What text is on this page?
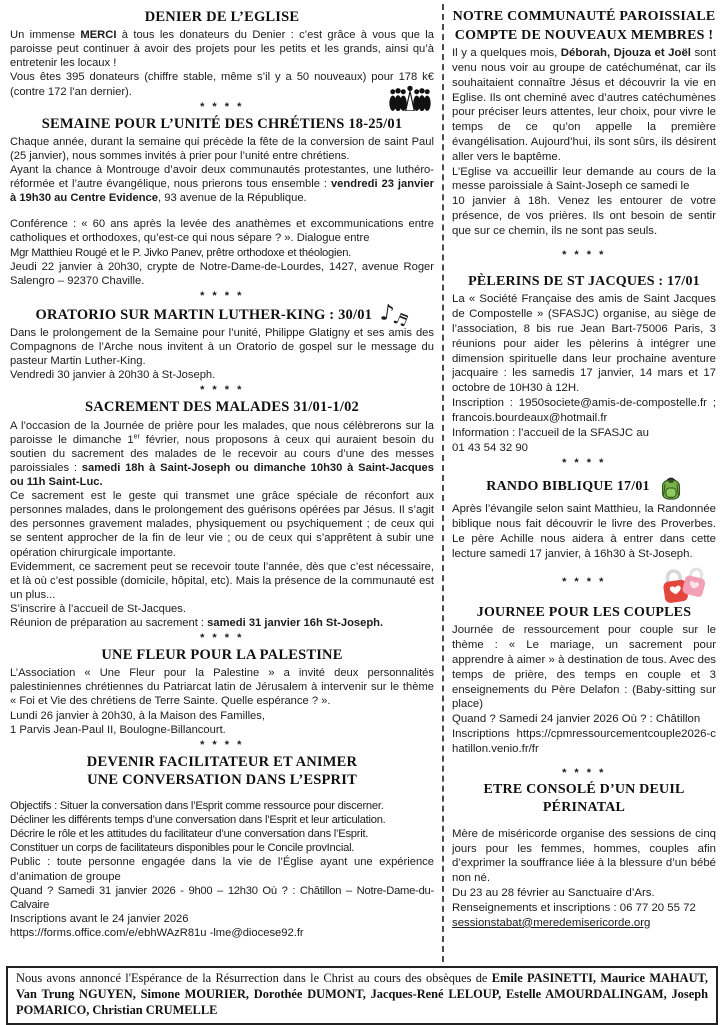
DENIER DE L’EGLISE

Un immense MERCI à tous les donateurs du Denier : c’est grâce à vous que la paroisse peut continuer à avoir des projets pour les petits et les grands, ainsi qu’à entretenir les locaux !

Vous êtes 395 donateurs (chiffre stable, même s’il y a 50 nouveaux) pour 178 k€ (contre 172 l’an dernier).

* * * *
SEMAINE POUR L’UNITÉ DES CHRÉTIENS 18-25/01

Chaque année, durant la semaine qui précède la fête de la conversion de saint Paul (25 janvier), nous sommes invités à prier pour l’unité entre chrétiens.

Ayant la chance à Montrouge d’avoir deux communautés protestantes, une luthéro-réformée et l’autre évangélique, nous prierons tous ensemble : vendredi 23 janvier à 19h30 au Centre Evidence, 93 avenue de la République.

Conférence : « 60 ans après la levée des anathèmes et excommunications entre catholiques et orthodoxes, qu’est-ce qui nous sépare ? ». Dialogue entre

Mgr Matthieu Rougé et le P. Jivko Panev, prêtre orthodoxe et théologien.

Jeudi 22 janvier à 20h30, crypte de Notre-Dame-de-Lourdes, 1427, avenue Roger Salengro – 92370 Chaville.

* * * *
ORATORIO SUR MARTIN LUTHER-KING : 30/01 ♪♬

Dans le prolongement de la Semaine pour l’unité, Philippe Glatigny et ses amis des Compagnons de l’Arche nous invitent à un Oratorio de gospel sur le message du pasteur Martin Luther-King.

Vendredi 30 janvier à 20h30 à St-Joseph.

* * * *
SACREMENT DES MALADES 31/01-1/02

A l’occasion de la Journée de prière pour les malades, que nous célèbrerons sur la paroisse le dimanche 1er février, nous proposons à ceux qui auraient besoin du soutien du sacrement des malades de le recevoir au cours d’une des messes paroissiales : samedi 18h à Saint-Joseph ou dimanche 10h30 à Saint-Jacques ou 11h Saint-Luc.

Ce sacrement est le geste qui transmet une grâce spéciale de réconfort aux personnes malades, dans le prolongement des guérisons opérées par Jésus. Il s’agit des personnes gravement malades, physiquement ou psychiquement ; de ceux qui se sentent approcher de la fin de leur vie ; ou de ceux qui s’apprêtent à subir une opération chirurgicale importante.

Evidemment, ce sacrement peut se recevoir toute l’année, dès que c’est nécessaire, et là où c’est possible (domicile, hôpital, etc). Mais la présence de la communauté est un plus...

S’inscrire à l’accueil de St-Jacques.

Réunion de préparation au sacrement : samedi 31 janvier 16h St-Joseph.

* * * *
UNE FLEUR POUR LA PALESTINE

L’Association « Une Fleur pour la Palestine » a invité deux personnalités palestiniennes chrétiennes du Patriarcat latin de Jérusalem à intervenir sur le thème « Foi et Vie des chrétiens de Terre Sainte. Quelle espérance ? ».

Lundi 26 janvier à 20h30, à la Maison des Familles,

1 Parvis Jean-Paul II, Boulogne-Billancourt.

* * * *
DEVENIR FACILITATEUR ET ANIMER
UNE CONVERSATION DANS L’ESPRIT

Objectifs : Situer la conversation dans l’Esprit comme ressource pour discerner.

Décliner les différents temps d’une conversation dans l’Esprit et leur articulation.

Décrire le rôle et les attitudes du facilitateur d’une conversation dans l’Esprit.

Constituer un corps de facilitateurs disponibles pour le Concile provIncial.

Public : toute personne engagée dans la vie de l’Église ayant une expérience d’animation de groupe

Quand ? Samedi 31 janvier 2026 - 9h00 – 12h30 Où ? : Châtillon – Notre-Dame-du-Calvaire

Inscriptions avant le 24 janvier 2026

https://forms.office.com/e/ebhWAzR81u -lme@diocese92.fr

NOTRE COMMUNAUTÉ PAROISSIALE
COMPTE DE NOUVEAUX MEMBRES !

Il y a quelques mois, Déborah, Djouza et Joël sont venu nous voir au groupe de catéchuménat, car ils souhaitaient connaître Jésus et découvrir la vie en Eglise. Ils ont cheminé avec d’autres catéchumènes pour préciser leurs attentes, leur choix, pour vivre le temps de ce qu’on appelle la première évangélisation. Aujourd’hui, ils sont sûrs, ils désirent aller vers le baptême.

L’Eglise va accueillir leur demande au cours de la messe paroissiale à Saint-Joseph ce samedi le

10 janvier à 18h. Venez les entourer de votre présence, de vos prières. Ils ont besoin de sentir que sur ce chemin, ils ne sont pas seuls.

* * * *
PÈLERINS DE ST JACQUES : 17/01

La « Société Française des amis de Saint Jacques de Compostelle » (SFASJC) organise, au siège de l’association, 8 bis rue Jean Bart-75006 Paris, 3 réunions pour aider les pèlerins à intégrer une dimension spirituelle dans leur prochaine aventure jacquaire : les samedis 17 janvier, 14 mars et 17 octobre de 10H30 à 12H.

Inscription : 1950societe@amis-de-compostelle.fr ; francois.bourdeaux@hotmail.fr

Information : l’accueil de la SFASJC au

01 43 54 32 90

* * * *
RANDO BIBLIQUE 17/01

Après l’évangile selon saint Matthieu, la Randonnée biblique nous fait découvrir le livre des Proverbes. Le père Achille nous aidera à entrer dans cette lecture samedi 17 janvier, à 16h30 à St-Joseph.

* * * *
JOURNEE POUR LES COUPLES

Journée de ressourcement pour couple sur le thème : « Le mariage, un sacrement pour apprendre à aimer » à destination de tous. Avec des temps de prière, des temps en couple et 3 enseignements du Père Delafon : (Baby-sitting sur place)

Quand ? Samedi 24 janvier 2026 Où ? : Châtillon

Inscriptions https://cpmressourcementcouple2026-chatillon.venio.fr/fr

* * * *
ETRE CONSOLÉ D’UN DEUIL
PÉRINATAL

Mère de miséricorde organise des sessions de cinq jours pour les femmes, hommes, couples afin d’exprimer la souffrance liée à la blessure d’un bébé non né.

Du 23 au 28 février au Sanctuaire d’Ars.

Renseignements et inscriptions : 06 77 20 55 72

sessionstabat@meredemisericorde.org

Nous avons annoncé l'Espérance de la Résurrection dans le Christ au cours des obsèques de Emile PASINETTI, Maurice MAHAUT, Van Trung NGUYEN, Simone MOURIER, Dorothée DUMONT, Jacques-René LELOUP, Estelle AMOURDALINGAM, Joseph POMARICO, Christian CRUMELLE
